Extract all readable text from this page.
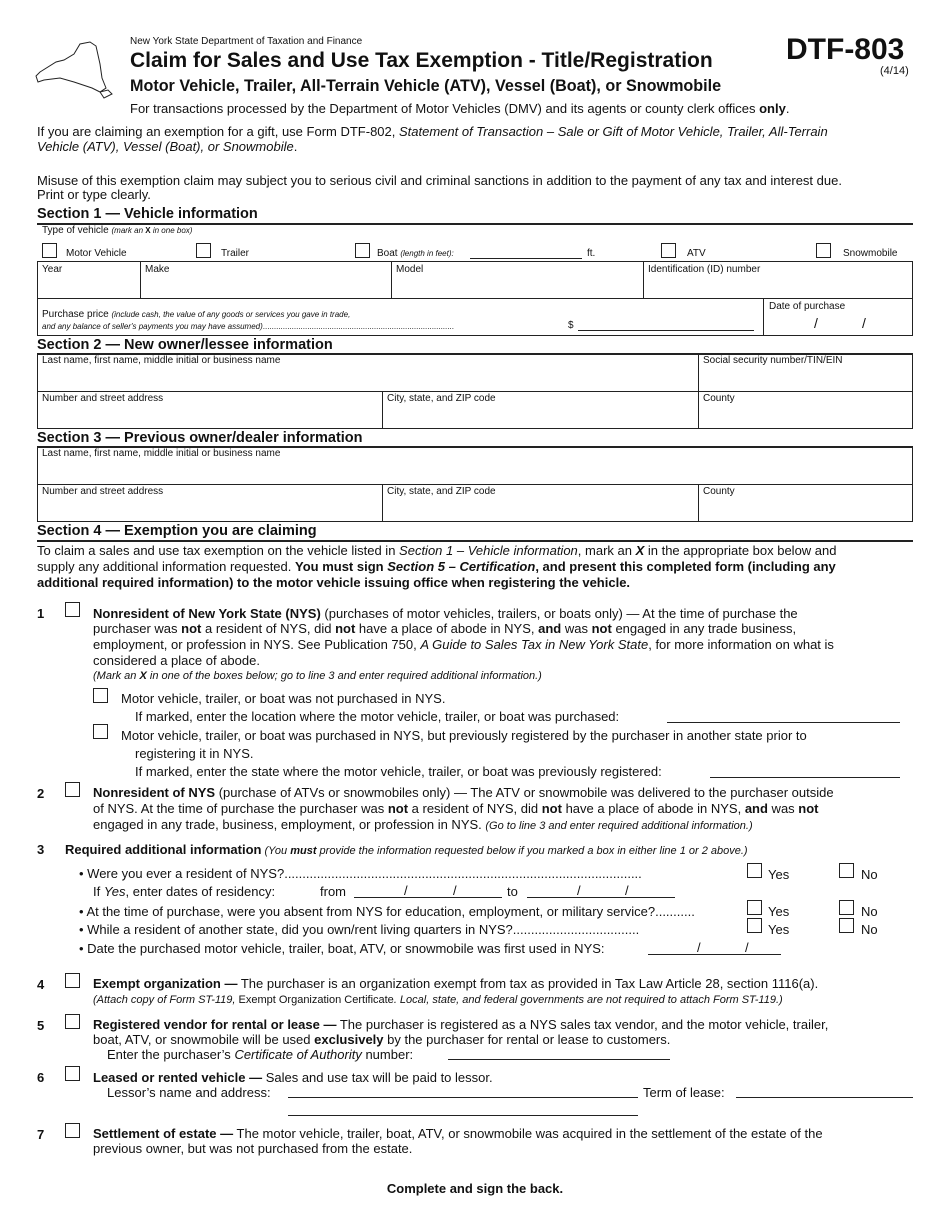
New York State Department of Taxation and Finance
Claim for Sales and Use Tax Exemption - Title/Registration
Motor Vehicle, Trailer, All-Terrain Vehicle (ATV), Vessel (Boat), or Snowmobile
DTF-803
(4/14)
For transactions processed by the Department of Motor Vehicles (DMV) and its agents or county clerk offices only.
If you are claiming an exemption for a gift, use Form DTF-802, Statement of Transaction – Sale or Gift of Motor Vehicle, Trailer, All-Terrain
Vehicle (ATV), Vessel (Boat), or Snowmobile.
Misuse of this exemption claim may subject you to serious civil and criminal sanctions in addition to the payment of any tax and interest due.
Print or type clearly.
Section 1 — Vehicle information
Type of vehicle (mark an X in one box)
Motor Vehicle	Trailer	Boat (length in feet):	ft.	ATV	Snowmobile
Year	Make	Model	Identification (ID) number
Purchase price (include cash, the value of any goods or services you gave in trade,
and any balance of seller's payments you may have assumed)......................................................................................	$
Date of purchase
/	/
Section 2 — New owner/lessee information
Last name, first name, middle initial or business name	Social security number/TIN/EIN
Number and street address	City, state, and ZIP code	County
Section 3 — Previous owner/dealer information
Last name, first name, middle initial or business name
Number and street address	City, state, and ZIP code	County
Section 4 — Exemption you are claiming
To claim a sales and use tax exemption on the vehicle listed in Section 1 – Vehicle information, mark an X in the appropriate box below and
supply any additional information requested. You must sign Section 5 – Certification, and present this completed form (including any
additional required information) to the motor vehicle issuing office when registering the vehicle.
1	Nonresident of New York State (NYS) (purchases of motor vehicles, trailers, or boats only) — At the time of purchase the
purchaser was not a resident of NYS, did not have a place of abode in NYS, and was not engaged in any trade business,
employment, or profession in NYS. See Publication 750, A Guide to Sales Tax in New York State, for more information on what is
considered a place of abode.
(Mark an X in one of the boxes below; go to line 3 and enter required additional information.)
Motor vehicle, trailer, or boat was not purchased in NYS.
If marked, enter the location where the motor vehicle, trailer, or boat was purchased:
Motor vehicle, trailer, or boat was purchased in NYS, but previously registered by the purchaser in another state prior to
registering it in NYS.
If marked, enter the state where the motor vehicle, trailer, or boat was previously registered:
2	Nonresident of NYS (purchase of ATVs or snowmobiles only) — The ATV or snowmobile was delivered to the purchaser outside
of NYS. At the time of purchase the purchaser was not a resident of NYS, did not have a place of abode in NYS, and was not
engaged in any trade, business, employment, or profession in NYS. (Go to line 3 and enter required additional information.)
3 Required additional information (You must provide the information requested below if you marked a box in either line 1 or 2 above.)
• Were you ever a resident of NYS?...................................................................................................	Yes	No
If Yes, enter dates of residency:	from	/	/	to	/	/
• At the time of purchase, were you absent from NYS for education, employment, or military service?...........	Yes	No
• While a resident of another state, did you own/rent living quarters in NYS?...................................	Yes	No
• Date the purchased motor vehicle, trailer, boat, ATV, or snowmobile was first used in NYS:	/	/
4	Exempt organization — The purchaser is an organization exempt from tax as provided in Tax Law Article 28, section 1116(a).
(Attach copy of Form ST-119, Exempt Organization Certificate. Local, state, and federal governments are not required to attach Form ST-119.)
5	Registered vendor for rental or lease — The purchaser is registered as a NYS sales tax vendor, and the motor vehicle, trailer,
boat, ATV, or snowmobile will be used exclusively by the purchaser for rental or lease to customers.
Enter the purchaser’s Certificate of Authority number:
6	Leased or rented vehicle — Sales and use tax will be paid to lessor.
Lessor’s name and address:	Term of lease:
7	Settlement of estate — The motor vehicle, trailer, boat, ATV, or snowmobile was acquired in the settlement of the estate of the
previous owner, but was not purchased from the estate.
Complete and sign the back.
